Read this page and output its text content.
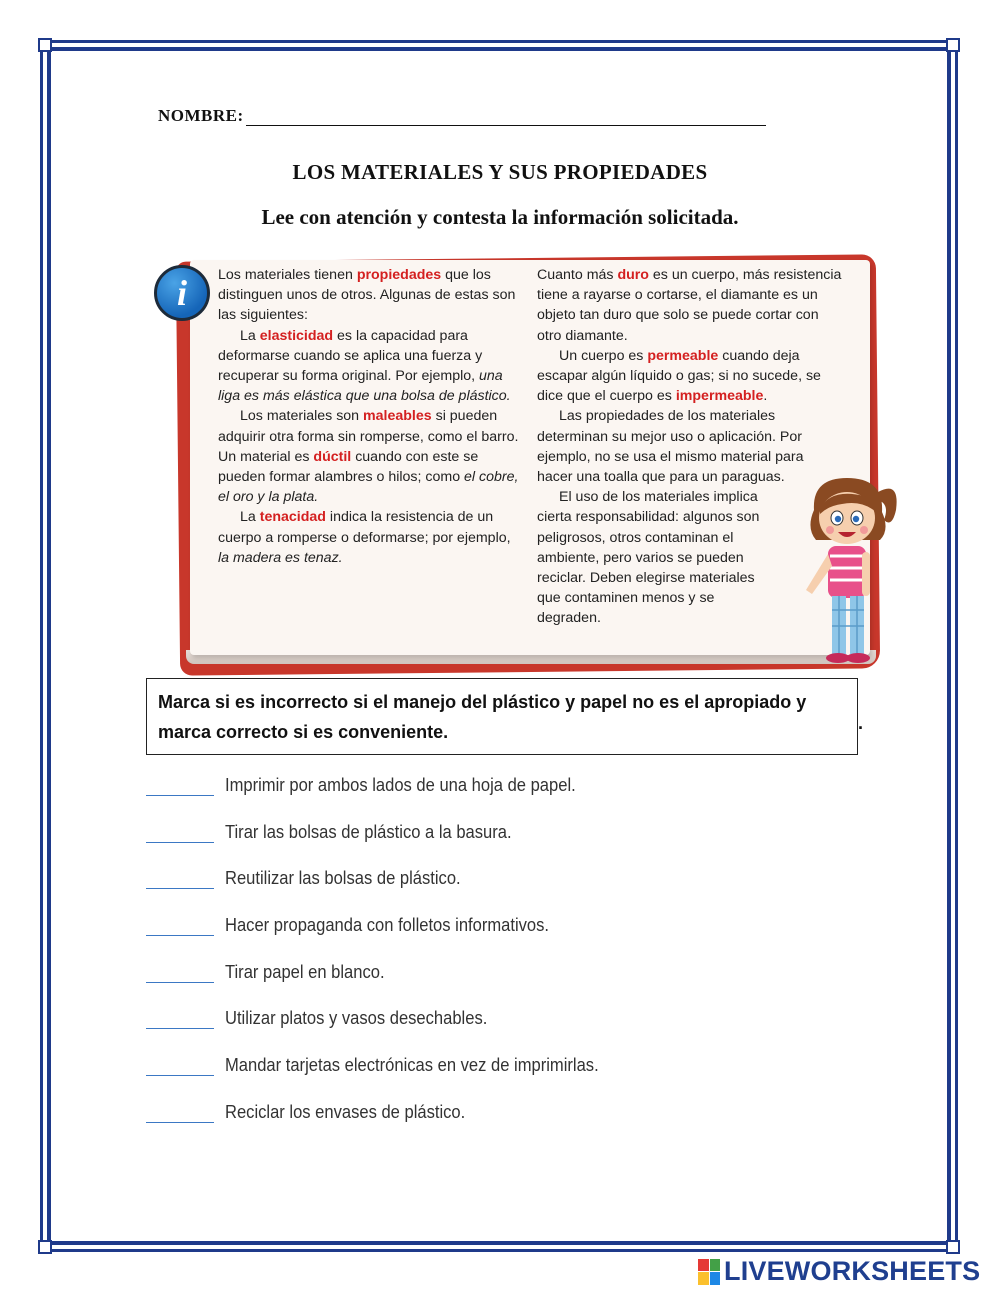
NOMBRE:
LOS MATERIALES Y SUS PROPIEDADES
Lee con atención y contesta la información solicitada.
i	Los materiales tienen propiedades que los distinguen unos de otros. Algunas de estas son las siguientes:

La elasticidad es la capacidad para deformarse cuando se aplica una fuerza y recuperar su forma original. Por ejemplo, una liga es más elástica que una bolsa de plástico.

Los materiales son maleables si pueden adquirir otra forma sin romperse, como el barro.

Un material es dúctil cuando con este se pueden formar alambres o hilos; como el cobre, el oro y la plata.

La tenacidad indica la resistencia de un cuerpo a romperse o deformarse; por ejemplo, la madera es tenaz.

Cuanto más duro es un cuerpo, más resistencia tiene a rayarse o cortarse, el diamante es un objeto tan duro que solo se puede cortar con otro diamante.

Un cuerpo es permeable cuando deja escapar algún líquido o gas; si no sucede, se dice que el cuerpo es impermeable.

Las propiedades de los materiales determinan su mejor uso o aplicación. Por ejemplo, no se usa el mismo material para hacer una toalla que para un paraguas.

El uso de los materiales implica cierta responsabilidad: algunos son peligrosos, otros contaminan el ambiente, pero varios se pueden reciclar. Deben elegirse materiales que contaminen menos y se degraden.

Marca si es incorrecto si el manejo del plástico y papel no es el apropiado y marca correcto si es conveniente.	.
Imprimir por ambos lados de una hoja de papel.
Tirar las bolsas de plástico a la basura.
Reutilizar las bolsas de plástico.
Hacer propaganda con folletos informativos.
Tirar papel en blanco.
Utilizar platos y vasos desechables.
Mandar tarjetas electrónicas en vez de imprimirlas.
Reciclar los envases de plástico.
LIVEWORKSHEETS
